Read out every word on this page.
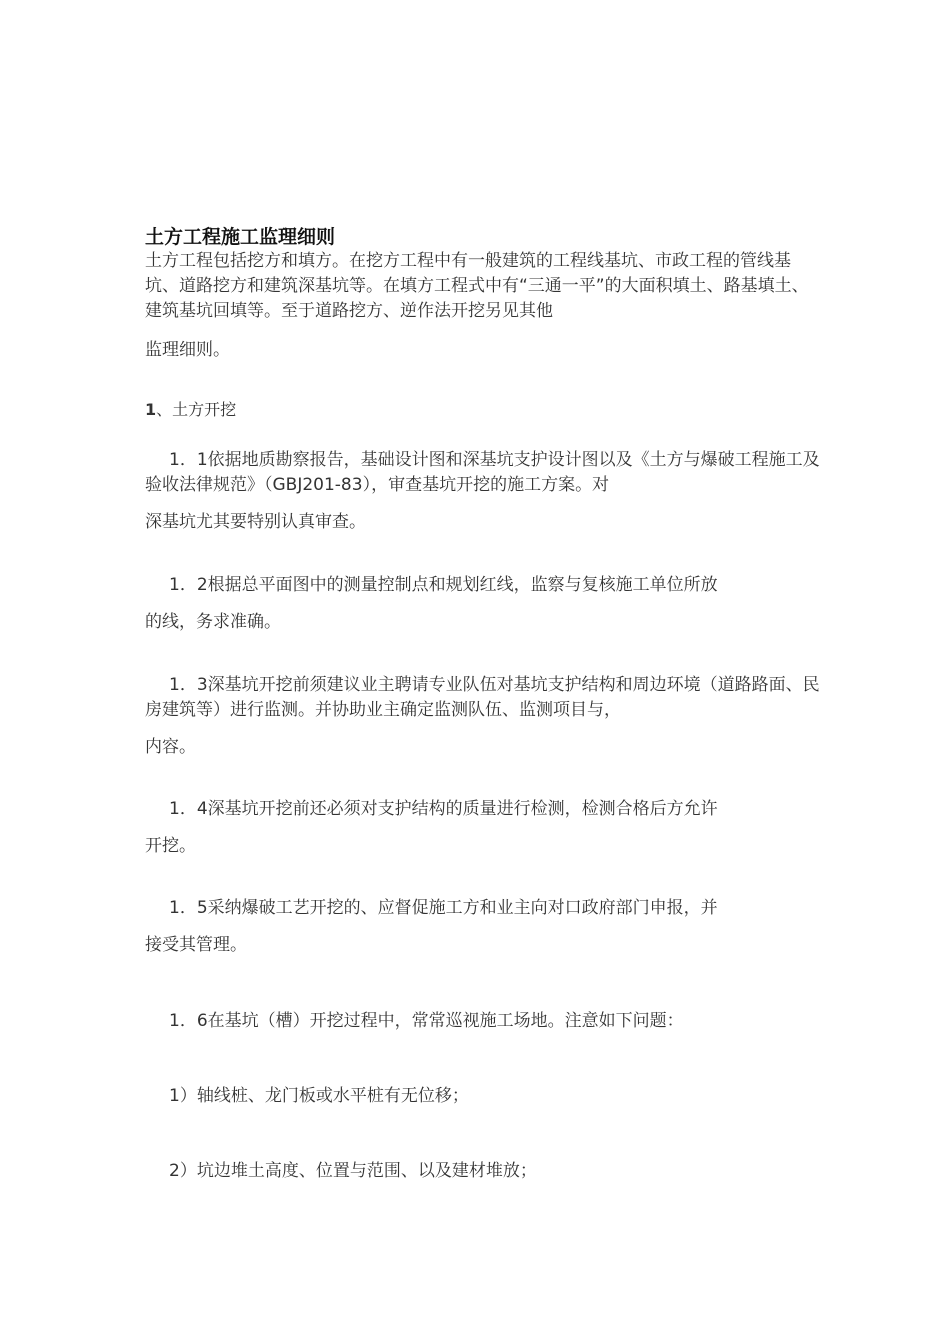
土方工程施工监理细则

土方工程包括挖方和填方。在挖方工程中有一般建筑的工程线基坑、市政工程的管线基坑、道路挖方和建筑深基坑等。在填方工程式中有“三通一平”的大面积填土、路基填土、建筑基坑回填等。至于道路挖方、逆作法开挖另见其他
监理细则。

1、土方开挖

1．1依据地质勘察报告，基础设计图和深基坑支护设计图以及《土方与爆破工程施工及验收法律规范》（GBJ201-83），审查基坑开挖的施工方案。对
深基坑尤其要特别认真审查。

1．2根据总平面图中的测量控制点和规划红线，监察与复核施工单位所放
的线，务求准确。

1．3深基坑开挖前须建议业主聘请专业队伍对基坑支护结构和周边环境（道路路面、民房建筑等）进行监测。并协助业主确定监测队伍、监测项目与，
内容。

1．4深基坑开挖前还必须对支护结构的质量进行检测，检测合格后方允许
开挖。

1．5采纳爆破工艺开挖的、应督促施工方和业主向对口政府部门申报，并
接受其管理。

1．6在基坑（槽）开挖过程中，常常巡视施工场地。注意如下问题：

1）轴线桩、龙门板或水平桩有无位移；

2）坑边堆土高度、位置与范围、以及建材堆放；
